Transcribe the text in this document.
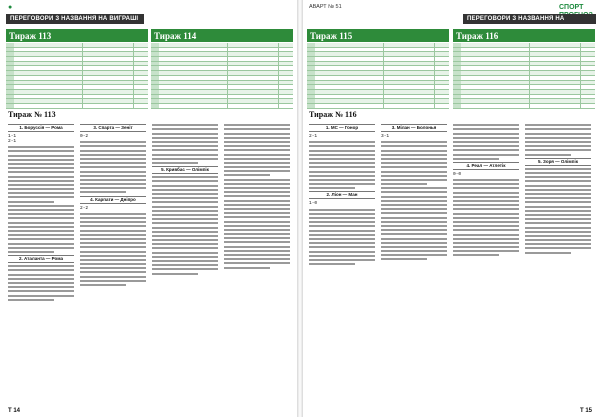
●
ПЕРЕГОВОРИ З НАЗВАННЯ НА ВИГРАШІ
Тираж 113	Тираж 114
Тираж № 113
1. Боруссія — Рома
1-1
2-1
2. Аталанта — Рома
3. Спарта — Зеніт
0-2
4. Карпати — Дніпро
2-2
5. Кривбас — Олімпік
Т 14
АВАРТ № 51	СПОРТ
ПЕРЕГОВОРИ З НАЗВАННЯ НА
Тираж 115	Тираж 116
Тираж № 116
1. МС — Гонор
2-1
2. Ліон — Ман
1-0
3. Мілан — Болонья
3-1
4. Реал — Атлетік
0-0
5. Зоря — Олімпік
Т 15
